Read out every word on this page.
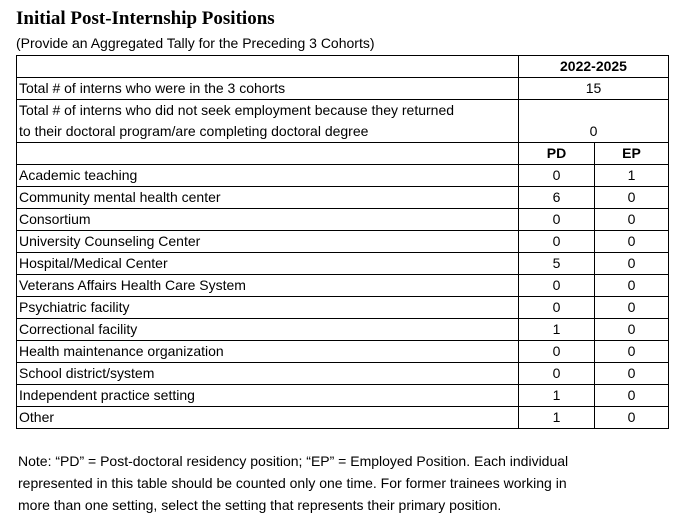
Initial Post-Internship Positions
(Provide an Aggregated Tally for the Preceding 3 Cohorts)
	2022-2025	
Total # of interns who were in the 3 cohorts	15	

Total # of interns who did not seek employment because they returned
to their doctoral program/are completing doctoral degree	0	
	PD	EP
Academic teaching	0	1
Community mental health center	6	0
Consortium	0	0
University Counseling Center	0	0
Hospital/Medical Center	5	0
Veterans Affairs Health Care System	0	0
Psychiatric facility	0	0
Correctional facility	1	0
Health maintenance organization	0	0
School district/system	0	0
Independent practice setting	1	0
Other	1	0
Note: “PD” = Post-doctoral residency position; “EP” = Employed Position. Each individual
represented in this table should be counted only one time. For former trainees working in
more than one setting, select the setting that represents their primary position.
